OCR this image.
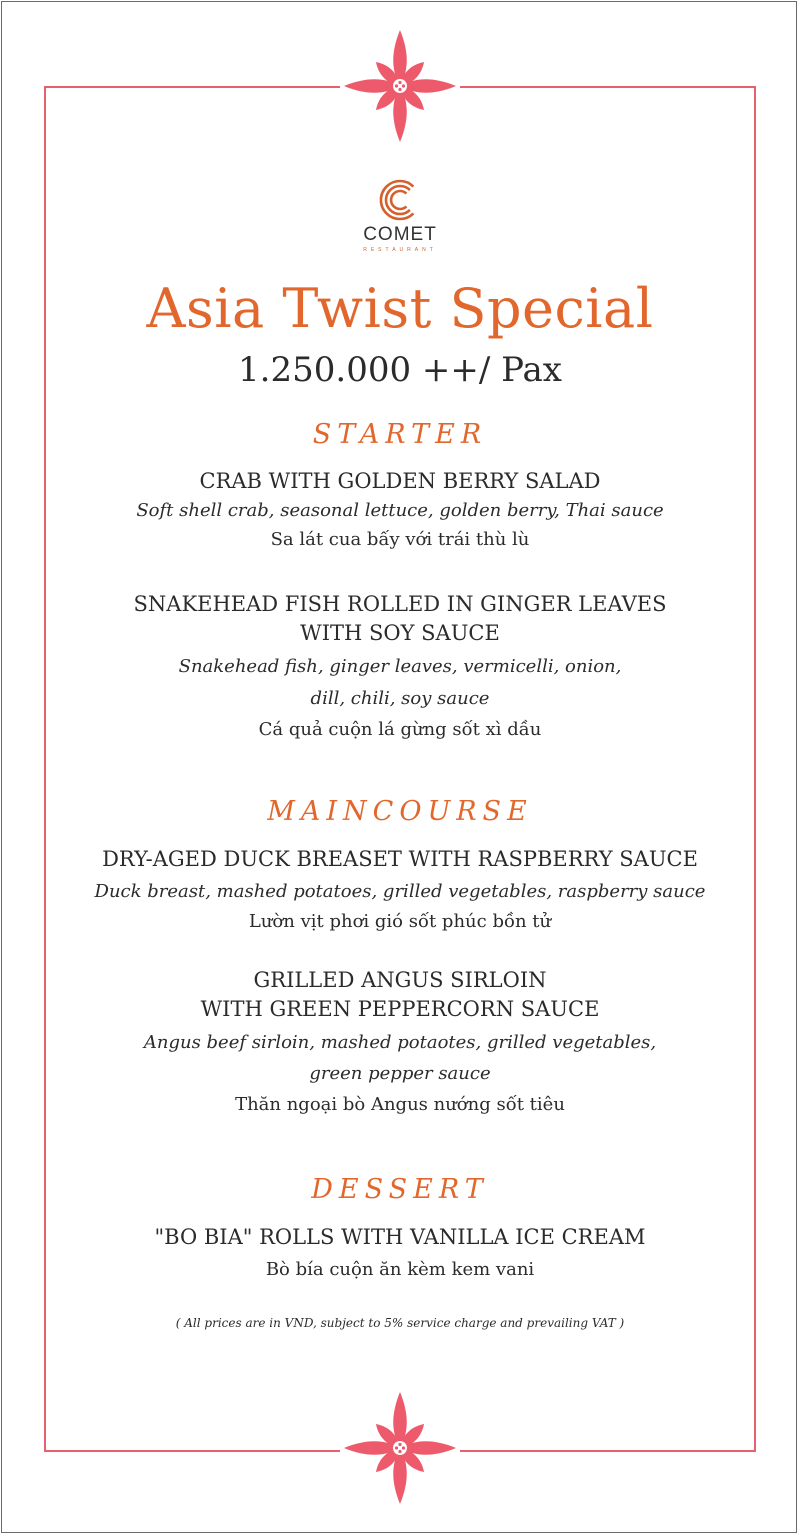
COMET
RESTAURANT
Asia Twist Special
1.250.000 ++/ Pax
STARTER
CRAB WITH GOLDEN BERRY SALAD
Soft shell crab, seasonal lettuce, golden berry, Thai sauce
Sa lát cua bấy với trái thù lù
SNAKEHEAD FISH ROLLED IN GINGER LEAVES
WITH SOY SAUCE
Snakehead fish, ginger leaves, vermicelli, onion,
dill, chili, soy sauce
Cá quả cuộn lá gừng sốt xì dầu
MAINCOURSE
DRY-AGED DUCK BREASET WITH RASPBERRY SAUCE
Duck breast, mashed potatoes, grilled vegetables, raspberry sauce
Lườn vịt phơi gió sốt phúc bồn tử
GRILLED ANGUS SIRLOIN
WITH GREEN PEPPERCORN SAUCE
Angus beef sirloin, mashed potaotes, grilled vegetables,
green pepper sauce
Thăn ngoại bò Angus nướng sốt tiêu
DESSERT
"BO BIA" ROLLS WITH VANILLA ICE CREAM
Bò bía cuộn ăn kèm kem vani
( All prices are in VND, subject to 5% service charge and prevailing VAT )
